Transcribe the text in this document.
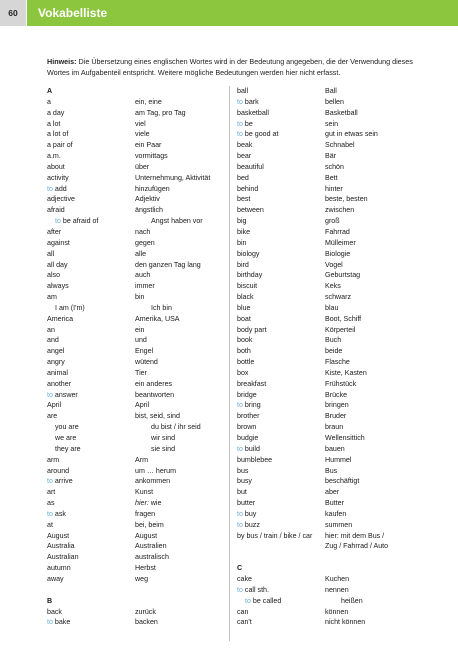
60	Vokabelliste
Hinweis: Die Übersetzung eines englischen Wortes wird in der Bedeutung angegeben, die der Verwendung dieses Wortes im Aufgabenteil entspricht. Weitere mögliche Bedeutungen werden hier nicht erfasst.
A
a	ein, eine
a day	am Tag, pro Tag
a lot	viel
a lot of	viele
a pair of	ein Paar
a.m.	vormittags
about	über
activity	Unternehmung, Aktivität
to add	hinzufügen
adjective	Adjektiv
afraid	ängstlich
to be afraid of	Angst haben vor
after	nach
against	gegen
all	alle
all day	den ganzen Tag lang
also	auch
always	immer
am	bin
I am (I'm)	Ich bin
America	Amerika, USA
an	ein
and	und
angel	Engel
angry	wütend
animal	Tier
another	ein anderes
to answer	beantworten
April	April
are	bist, seid, sind
you are	du bist / ihr seid
we are	wir sind
they are	sie sind
arm	Arm
around	um … herum
to arrive	ankommen
art	Kunst
as	hier: wie
to ask	fragen
at	bei, beim
August	August
Australia	Australien
Australian	australisch
autumn	Herbst
away	weg
B
back	zurück
to bake	backen
ball	Ball
to bark	bellen
basketball	Basketball
to be	sein
to be good at	gut in etwas sein
beak	Schnabel
bear	Bär
beautiful	schön
bed	Bett
behind	hinter
best	beste, besten
between	zwischen
big	groß
bike	Fahrrad
bin	Mülleimer
biology	Biologie
bird	Vogel
birthday	Geburtstag
biscuit	Keks
black	schwarz
blue	blau
boat	Boot, Schiff
body part	Körperteil
book	Buch
both	beide
bottle	Flasche
box	Kiste, Kasten
breakfast	Frühstück
bridge	Brücke
to bring	bringen
brother	Bruder
brown	braun
budgie	Wellensittich
to build	bauen
bumblebee	Hummel
bus	Bus
busy	beschäftigt
but	aber
butter	Butter
to buy	kaufen
to buzz	summen
by bus / train / bike / car	hier: mit dem Bus /
Zug / Fahrrad / Auto
C
cake	Kuchen
to call sth.	nennen
to be called	heißen
can	können
can't	nicht können
